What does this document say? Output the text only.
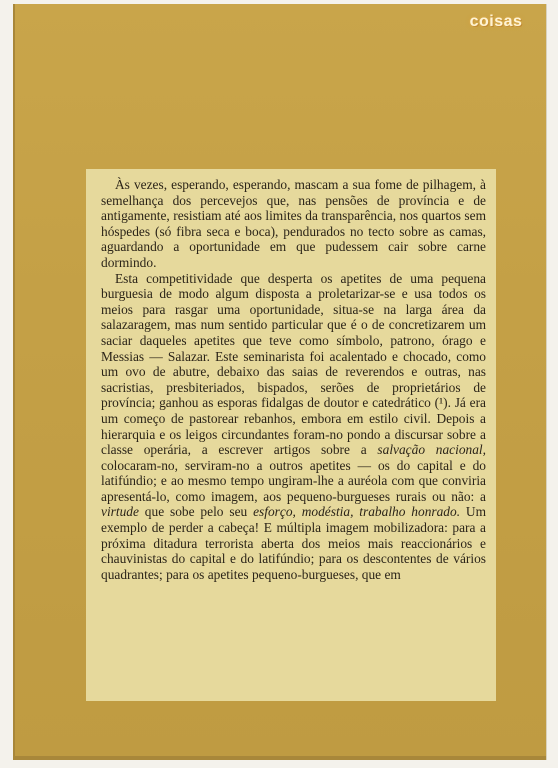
coisas

Às vezes, esperando, esperando, mascam a sua fome de pilhagem, à semelhança dos percevejos que, nas pensões de província e de antigamente, resistiam até aos limites da transparência, nos quartos sem hóspedes (só fibra seca e boca), pendurados no tecto sobre as camas, aguardando a oportunidade em que pudessem cair sobre carne dormindo.

Esta competitividade que desperta os apetites de uma pequena burguesia de modo algum disposta a proletarizar-se e usa todos os meios para rasgar uma oportunidade, situa-se na larga área da salazaragem, mas num sentido particular que é o de concretizarem um saciar daqueles apetites que teve como símbolo, patrono, órago e Messias — Salazar. Este seminarista foi acalentado e chocado, como um ovo de abutre, debaixo das saias de reverendos e outras, nas sacristias, presbiteriados, bispados, serões de proprietários de província; ganhou as esporas fidalgas de doutor e catedrático (¹). Já era um começo de pastorear rebanhos, embora em estilo civil. Depois a hierarquia e os leigos circundantes foram-no pondo a discursar sobre a classe operária, a escrever artigos sobre a salvação nacional, colocaram-no, serviram-no a outros apetites — os do capital e do latifúndio; e ao mesmo tempo ungiram-lhe a auréola com que conviria apresentá-lo, como imagem, aos pequeno-burgueses rurais ou não: a virtude que sobe pelo seu esforço, modéstia, trabalho honrado. Um exemplo de perder a cabeça! E múltipla imagem mobilizadora: para a próxima ditadura terrorista aberta dos meios mais reaccionários e chauvinistas do capital e do latifúndio; para os descontentes de vários quadrantes; para os apetites pequeno-burgueses, que em
